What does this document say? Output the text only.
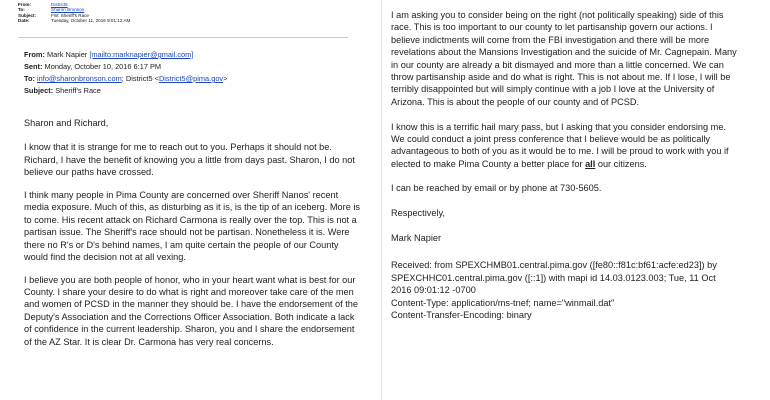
From:	District5
To:	Sharon Bronson
Subject:	FW: Sheriff's Race
Date:	Tuesday, October 11, 2016 9:01:12 AM
From: Mark Napier [mailto:marknapier@gmail.com]
Sent: Monday, October 10, 2016 6:17 PM
To: info@sharonbronson.com; District5 <District5@pima.gov>
Subject: Sheriff's Race

Sharon and Richard,

I know that it is strange for me to reach out to you. Perhaps it should not be. Richard, I have the benefit of knowing you a little from days past. Sharon, I do not believe our paths have crossed.

I think many people in Pima County are concerned over Sheriff Nanos' recent media exposure. Much of this, as disturbing as it is, is the tip of an iceberg. More is to come. His recent attack on Richard Carmona is really over the top. This is not a partisan issue. The Sheriff's race should not be partisan. Nonetheless it is. Were there no R's or D's behind names, I am quite certain the people of our County would find the decision not at all vexing.

I believe you are both people of honor, who in your heart want what is best for our County. I share your desire to do what is right and moreover take care of the men and women of PCSD in the manner they should be. I have the endorsement of the Deputy's Association and the Corrections Officer Association. Both indicate a lack of confidence in the current leadership. Sharon, you and I share the endorsement of the AZ Star. It is clear Dr. Carmona has very real concerns.

I am asking you to consider being on the right (not politically speaking) side of this race. This is too important to our county to let partisanship govern our actions. I believe indictments will come from the FBI investigation and there will be more revelations about the Mansions Investigation and the suicide of Mr. Cagnepain. Many in our county are already a bit dismayed and more than a little concerned. We can throw partisanship aside and do what is right. This is not about me. If I lose, I will be terribly disappointed but will simply continue with a job I love at the University of Arizona. This is about the people of our county and of PCSD.

I know this is a terrific hail mary pass, but I asking that you consider endorsing me. We could conduct a joint press conference that I believe would be as politically advantageous to both of you as it would be to me. I will be proud to work with you if elected to make Pima County a better place for all our citizens.

I can be reached by email or by phone at 730-5605.

Respectively,

Mark Napier

Received: from SPEXCHMB01.central.pima.gov ([fe80::f81c:bf61:acfe:ed23]) by
SPEXCHHC01.central.pima.gov ([::1]) with mapi id 14.03.0123.003; Tue, 11 Oct
2016 09:01:12 -0700
Content-Type: application/ms-tnef; name="winmail.dat"
Content-Transfer-Encoding: binary
